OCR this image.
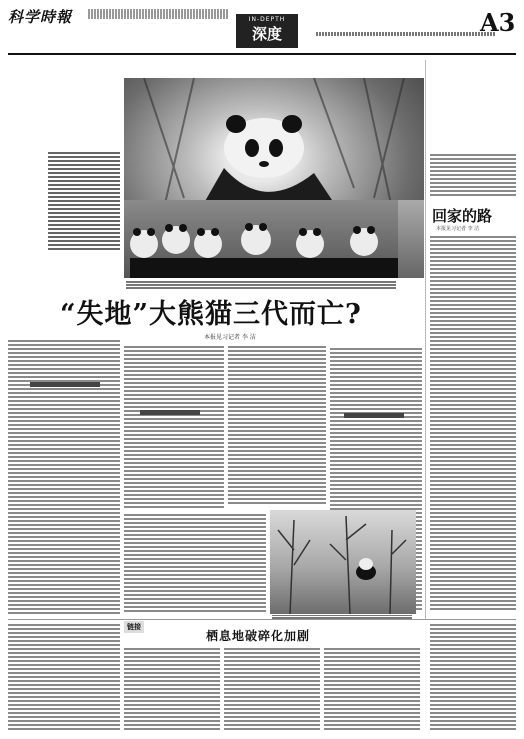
科学時報	IN-DEPTH
深度	A3
回家的路
本报见习记者 李 洁
“失地”大熊猫三代而亡?
本报见习记者 李 洁
链接
栖息地破碎化加剧
